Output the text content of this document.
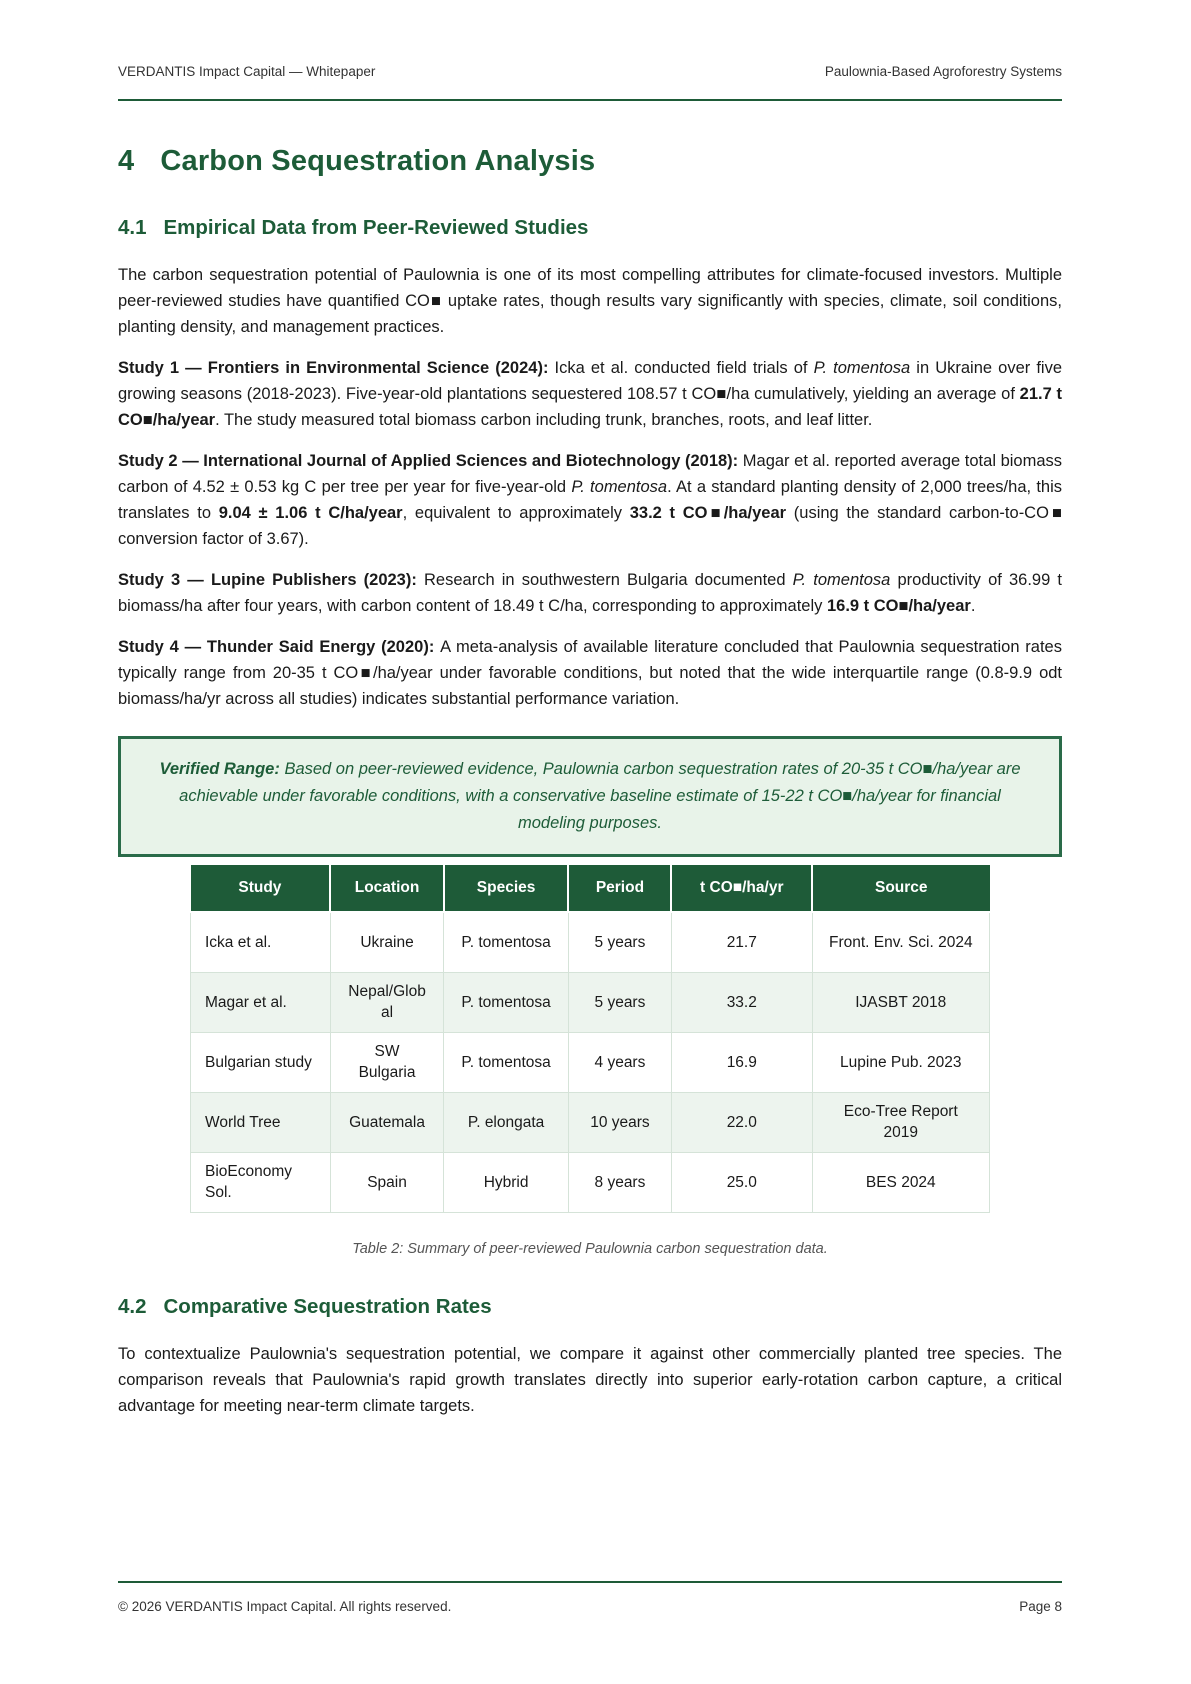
VERDANTIS Impact Capital — Whitepaper	Paulownia-Based Agroforestry Systems
4 Carbon Sequestration Analysis
4.1 Empirical Data from Peer-Reviewed Studies

The carbon sequestration potential of Paulownia is one of its most compelling attributes for climate-focused investors. Multiple peer-reviewed studies have quantified CO■ uptake rates, though results vary significantly with species, climate, soil conditions, planting density, and management practices.

Study 1 — Frontiers in Environmental Science (2024): Icka et al. conducted field trials of P. tomentosa in Ukraine over five growing seasons (2018-2023). Five-year-old plantations sequestered 108.57 t CO■/ha cumulatively, yielding an average of 21.7 t CO■/ha/year. The study measured total biomass carbon including trunk, branches, roots, and leaf litter.

Study 2 — International Journal of Applied Sciences and Biotechnology (2018): Magar et al. reported average total biomass carbon of 4.52 ± 0.53 kg C per tree per year for five-year-old P. tomentosa. At a standard planting density of 2,000 trees/ha, this translates to 9.04 ± 1.06 t C/ha/year, equivalent to approximately 33.2 t CO■/ha/year (using the standard carbon-to-CO■ conversion factor of 3.67).

Study 3 — Lupine Publishers (2023): Research in southwestern Bulgaria documented P. tomentosa productivity of 36.99 t biomass/ha after four years, with carbon content of 18.49 t C/ha, corresponding to approximately 16.9 t CO■/ha/year.

Study 4 — Thunder Said Energy (2020): A meta-analysis of available literature concluded that Paulownia sequestration rates typically range from 20-35 t CO■/ha/year under favorable conditions, but noted that the wide interquartile range (0.8-9.9 odt biomass/ha/yr across all studies) indicates substantial performance variation.

Verified Range: Based on peer-reviewed evidence, Paulownia carbon sequestration rates of 20-35 t CO■/ha/year are achievable under favorable conditions, with a conservative baseline estimate of 15-22 t CO■/ha/year for financial modeling purposes.
Study	Location	Species	Period	t CO■/ha/yr	Source
Icka et al.	Ukraine	P. tomentosa	5 years	21.7	Front. Env. Sci. 2024
Magar et al.	Nepal/Global	P. tomentosa	5 years	33.2	IJASBT 2018
Bulgarian study	SW Bulgaria	P. tomentosa	4 years	16.9	Lupine Pub. 2023
World Tree	Guatemala	P. elongata	10 years	22.0	Eco-Tree Report 2019
BioEconomy Sol.	Spain	Hybrid	8 years	25.0	BES 2024
Table 2: Summary of peer-reviewed Paulownia carbon sequestration data.
4.2 Comparative Sequestration Rates

To contextualize Paulownia's sequestration potential, we compare it against other commercially planted tree species. The comparison reveals that Paulownia's rapid growth translates directly into superior early-rotation carbon capture, a critical advantage for meeting near-term climate targets.

© 2026 VERDANTIS Impact Capital. All rights reserved.	Page 8
